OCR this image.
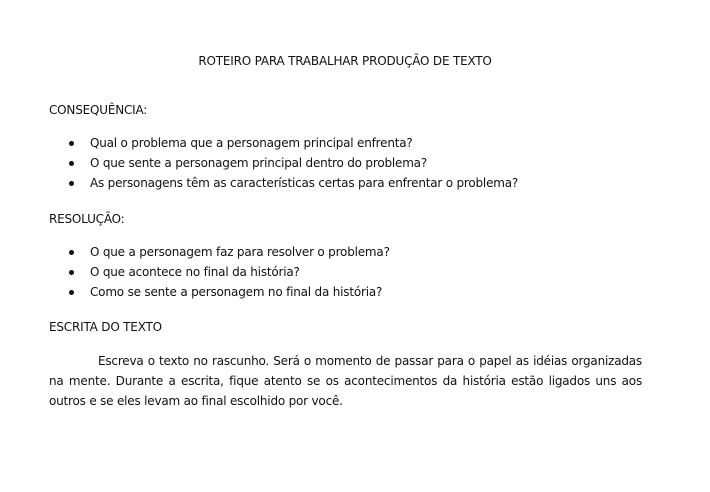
ROTEIRO PARA TRABALHAR PRODUÇÃO DE TEXTO
CONSEQUÊNCIA:
Qual o problema que a personagem principal enfrenta?
O que sente a personagem principal dentro do problema?
As personagens têm as características certas para enfrentar o problema?
RESOLUÇÃO:
O que a personagem faz para resolver o problema?
O que acontece no final da história?
Como se sente a personagem no final da história?
ESCRITA DO TEXTO

Escreva o texto no rascunho. Será o momento de passar para o papel as idéias organizadas na mente. Durante a escrita, fique atento se os acontecimentos da história estão ligados uns aos outros e se eles levam ao final escolhido por você.
